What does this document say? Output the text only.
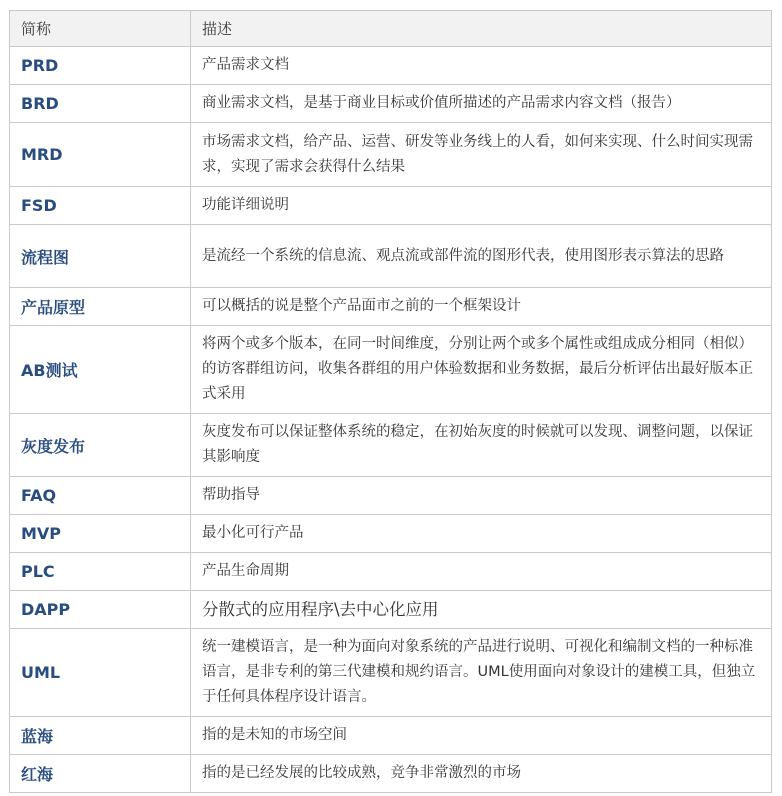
简称	描述
PRD	产品需求文档
BRD	商业需求文档，是基于商业目标或价值所描述的产品需求内容文档（报告）
MRD	市场需求文档，给产品、运营、研发等业务线上的人看，如何来实现、什么时间实现需求，实现了需求会获得什么结果
FSD	功能详细说明
流程图	是流经一个系统的信息流、观点流或部件流的图形代表，使用图形表示算法的思路
产品原型	可以概括的说是整个产品面市之前的一个框架设计
AB测试	将两个或多个版本，在同一时间维度，分别让两个或多个属性或组成成分相同（相似）的访客群组访问，收集各群组的用户体验数据和业务数据，最后分析评估出最好版本正式采用
灰度发布	灰度发布可以保证整体系统的稳定，在初始灰度的时候就可以发现、调整问题，以保证其影响度
FAQ	帮助指导
MVP	最小化可行产品
PLC	产品生命周期
DAPP	分散式的应用程序\去中心化应用
UML	统一建模语言，是一种为面向对象系统的产品进行说明、可视化和编制文档的一种标准语言，是非专利的第三代建模和规约语言。UML使用面向对象设计的建模工具，但独立于任何具体程序设计语言。
蓝海	指的是未知的市场空间
红海	指的是已经发展的比较成熟，竞争非常激烈的市场
